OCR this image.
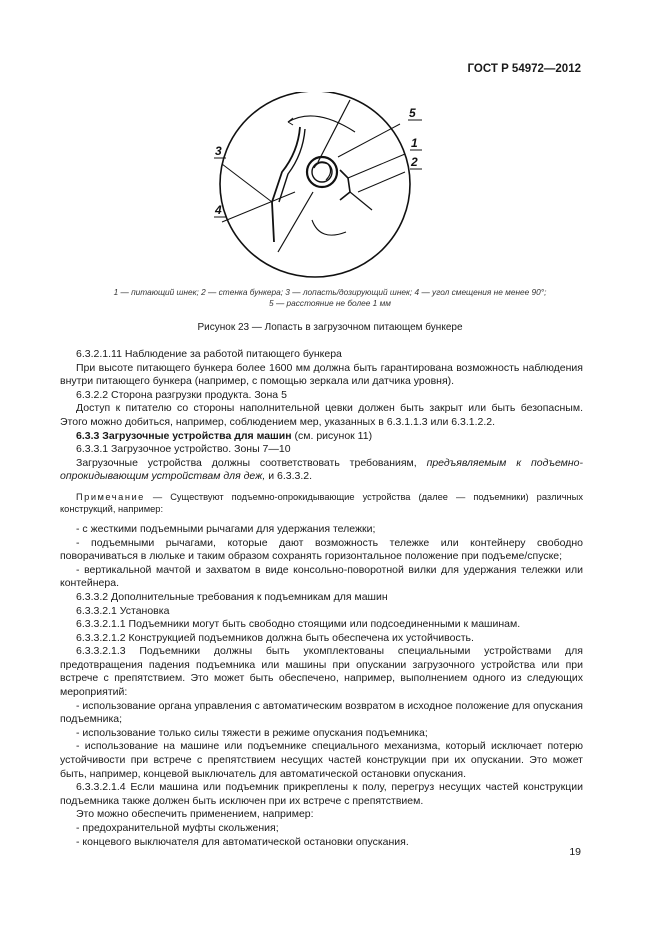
ГОСТ Р 54972—2012
5
1
2
3
4
1 — питающий шнек; 2 — стенка бункера; 3 — лопасть/дозирующий шнек; 4 — угол смещения не менее 90°;
5 — расстояние не более 1 мм
Рисунок 23 — Лопасть в загрузочном питающем бункере
6.3.2.1.11 Наблюдение за работой питающего бункера
При высоте питающего бункера более 1600 мм должна быть гарантирована возможность наблюдения внутри питающего бункера (например, с помощью зеркала или датчика уровня).
6.3.2.2 Сторона разгрузки продукта. Зона 5
Доступ к питателю со стороны наполнительной цевки должен быть закрыт или быть безопасным. Этого можно добиться, например, соблюдением мер, указанных в 6.3.1.1.3 или 6.3.1.2.2.
6.3.3 Загрузочные устройства для машин (см. рисунок 11)
6.3.3.1 Загрузочное устройство. Зоны 7—10
Загрузочные устройства должны соответствовать требованиям, предъявляемым к подъемно-опрокидывающим устройствам для деж, и 6.3.3.2.
Примечание — Существуют подъемно-опрокидывающие устройства (далее — подъемники) различных конструкций, например:
- с жесткими подъемными рычагами для удержания тележки;
- подъемными рычагами, которые дают возможность тележке или контейнеру свободно поворачиваться в люльке и таким образом сохранять горизонтальное положение при подъеме/спуске;
- вертикальной мачтой и захватом в виде консольно-поворотной вилки для удержания тележки или контейнера.
6.3.3.2 Дополнительные требования к подъемникам для машин
6.3.3.2.1 Установка
6.3.3.2.1.1 Подъемники могут быть свободно стоящими или подсоединенными к машинам.
6.3.3.2.1.2 Конструкцией подъемников должна быть обеспечена их устойчивость.
6.3.3.2.1.3 Подъемники должны быть укомплектованы специальными устройствами для предотвращения падения подъемника или машины при опускании загрузочного устройства или при встрече с препятствием. Это может быть обеспечено, например, выполнением одного из следующих мероприятий:
- использование органа управления с автоматическим возвратом в исходное положение для опускания подъемника;
- использование только силы тяжести в режиме опускания подъемника;
- использование на машине или подъемнике специального механизма, который исключает потерю устойчивости при встрече с препятствием несущих частей конструкции при их опускании. Это может быть, например, концевой выключатель для автоматической остановки опускания.
6.3.3.2.1.4 Если машина или подъемник прикреплены к полу, перегруз несущих частей конструкции подъемника также должен быть исключен при их встрече с препятствием.
Это можно обеспечить применением, например:
- предохранительной муфты скольжения;
- концевого выключателя для автоматической остановки опускания.
19
